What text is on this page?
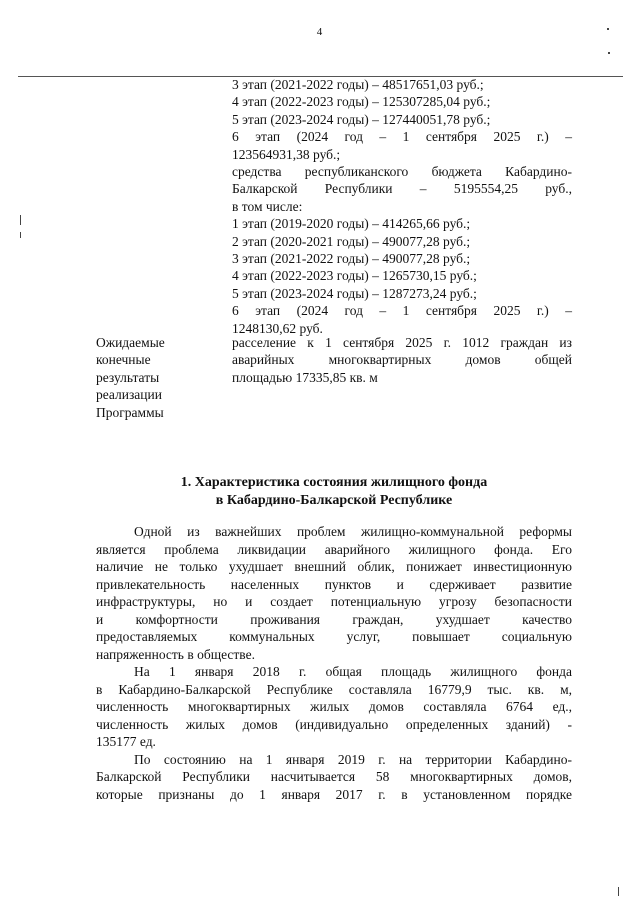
4
3 этап (2021-2022 годы) – 48517651,03 руб.;
4 этап (2022-2023 годы) – 125307285,04 руб.;
5 этап (2023-2024 годы) – 127440051,78 руб.;
6 этап (2024 год – 1 сентября 2025 г.) –
123564931,38 руб.;
средства республиканского бюджета Кабардино-
Балкарской Республики – 5195554,25 руб.,
в том числе:
1 этап (2019-2020 годы) – 414265,66 руб.;
2 этап (2020-2021 годы) – 490077,28 руб.;
3 этап (2021-2022 годы) – 490077,28 руб.;
4 этап (2022-2023 годы) – 1265730,15 руб.;
5 этап (2023-2024 годы) – 1287273,24 руб.;
6 этап (2024 год – 1 сентября 2025 г.) –
1248130,62 руб.
Ожидаемые
конечные
результаты
реализации
Программы
расселение к 1 сентября 2025 г. 1012 граждан из
аварийных многоквартирных домов общей
площадью 17335,85 кв. м
1. Характеристика состояния жилищного фонда
в Кабардино-Балкарской Республике
Одной из важнейших проблем жилищно-коммунальной реформы
является проблема ликвидации аварийного жилищного фонда. Его
наличие не только ухудшает внешний облик, понижает инвестиционную
привлекательность населенных пунктов и сдерживает развитие
инфраструктуры, но и создает потенциальную угрозу безопасности
и комфортности проживания граждан, ухудшает качество
предоставляемых коммунальных услуг, повышает социальную
напряженность в обществе.
На 1 января 2018 г. общая площадь жилищного фонда
в Кабардино-Балкарской Республике составляла 16779,9 тыс. кв. м,
численность многоквартирных жилых домов составляла 6764 ед.,
численность жилых домов (индивидуально определенных зданий) -
135177 ед.
По состоянию на 1 января 2019 г. на территории Кабардино-
Балкарской Республики насчитывается 58 многоквартирных домов,
которые признаны до 1 января 2017 г. в установленном порядке
